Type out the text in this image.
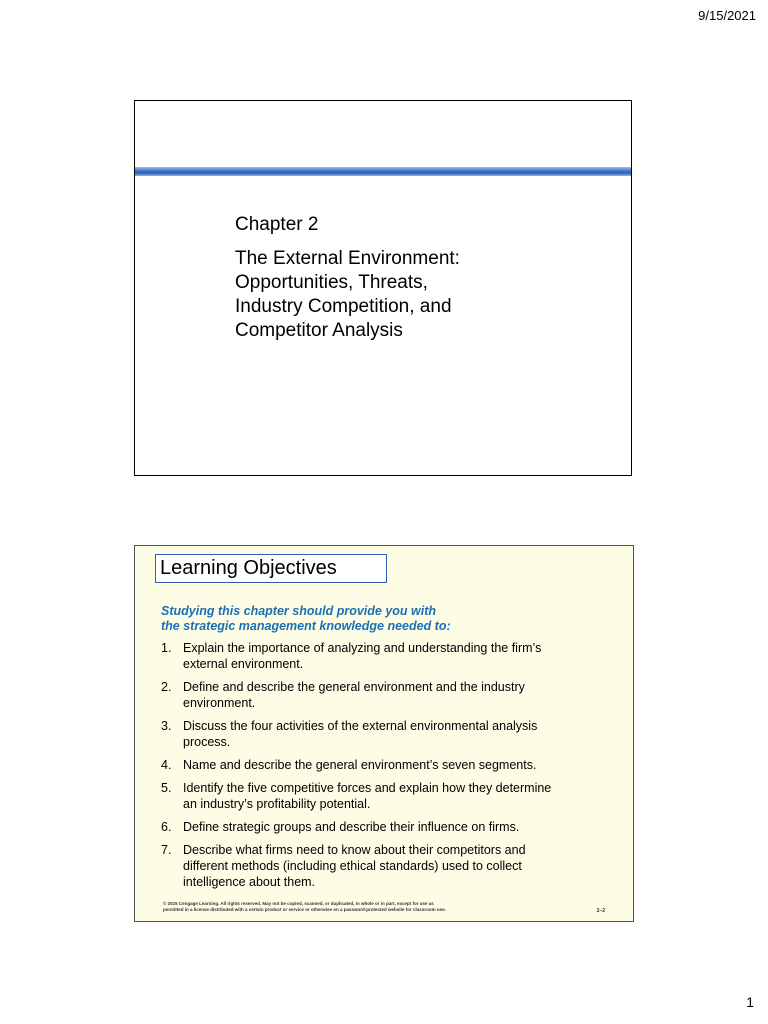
9/15/2021
Chapter 2
The External Environment:
Opportunities, Threats,
Industry Competition, and
Competitor Analysis
Learning Objectives
Studying this chapter should provide you with
the strategic management knowledge needed to:
1. Explain the importance of analyzing and understanding the firm’s
external environment.
2. Define and describe the general environment and the industry
environment.
3. Discuss the four activities of the external environmental analysis
process.
4. Name and describe the general environment’s seven segments.
5. Identify the five competitive forces and explain how they determine
an industry’s profitability potential.
6. Define strategic groups and describe their influence on firms.
7. Describe what firms need to know about their competitors and
different methods (including ethical standards) used to collect
intelligence about them.
© 2015 Cengage Learning. All rights reserved. May not be copied, scanned, or duplicated, in whole or in part, except for use as
permitted in a license distributed with a certain product or service or otherwise on a password-protected website for classroom use.	2–2
1
